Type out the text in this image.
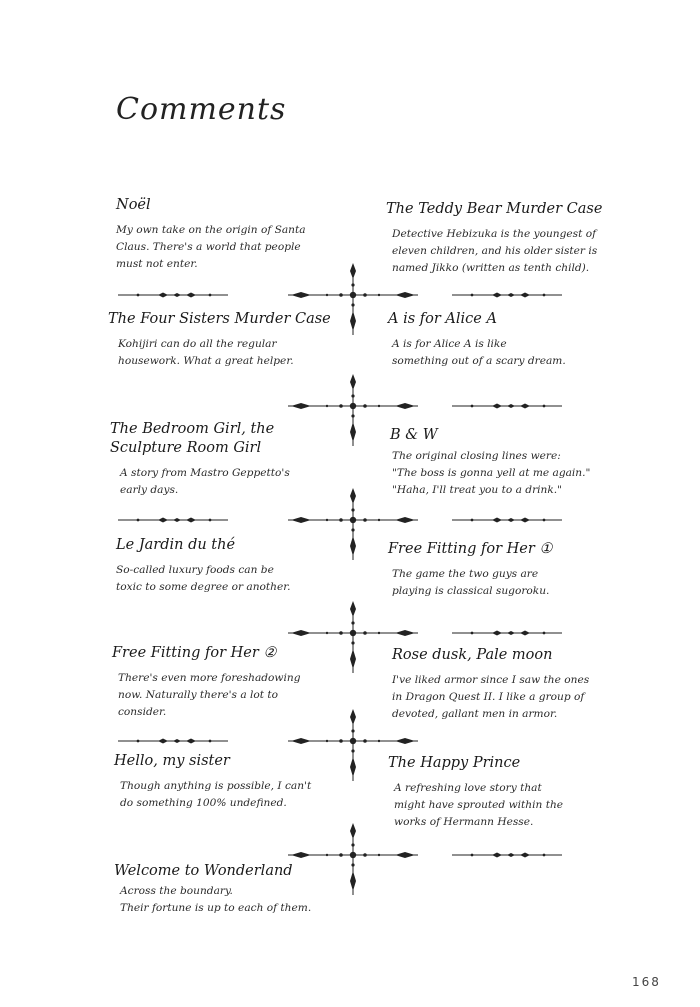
Comments
Noël
My own take on the origin of Santa
Claus. There's a world that people
must not enter.
The Four Sisters Murder Case
Kohijiri can do all the regular
housework. What a great helper.
The Bedroom Girl, the
Sculpture Room Girl
A story from Mastro Geppetto's
early days.
Le Jardin du thé
So-called luxury foods can be
toxic to some degree or another.
Free Fitting for Her ②
There's even more foreshadowing
now. Naturally there's a lot to
consider.
Hello, my sister
Though anything is possible, I can't
do something 100% undefined.
Welcome to Wonderland
Across the boundary.
Their fortune is up to each of them.
The Teddy Bear Murder Case
Detective Hebizuka is the youngest of
eleven children, and his older sister is
named Jikko (written as tenth child).
A is for Alice A
A is for Alice A is like
something out of a scary dream.
B & W
The original closing lines were:
"The boss is gonna yell at me again."
"Haha, I'll treat you to a drink."
Free Fitting for Her ①
The game the two guys are
playing is classical sugoroku.
Rose dusk, Pale moon
I've liked armor since I saw the ones
in Dragon Quest II. I like a group of
devoted, gallant men in armor.
The Happy Prince
A refreshing love story that
might have sprouted within the
works of Hermann Hesse.
168
